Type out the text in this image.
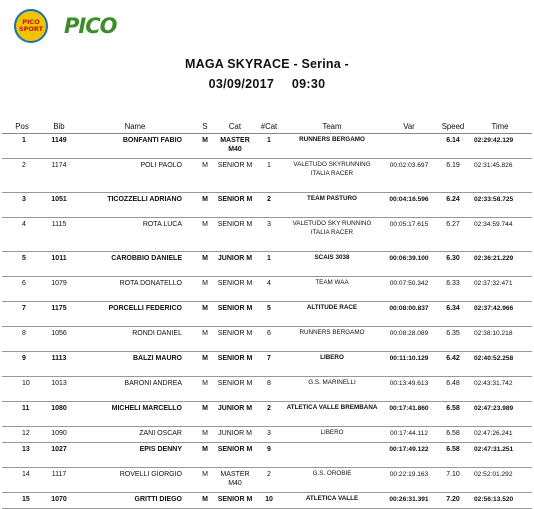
PICO
SPORT PICO
MAGA SKYRACE - Serina -
03/09/2017 09:30
Pos	Bib	Name	S	Cat	#Cat	Team	Var	Speed	Time
1	1149	BONFANTI FABIO	M	MASTER M40	1	RUNNERS BERGAMO		6.14	02:29:42.129
2	1174	POLI PAOLO	M	SENIOR M	1	VALETUDO SKYRUNNING ITALIA RACER	00:02:03.697	6.19	02:31:45.826
3	1051	TICOZZELLI ADRIANO	M	SENIOR M	2	TEAM PASTURO	00:04:16.596	6.24	02:33:58.725
4	1115	ROTA LUCA	M	SENIOR M	3	VALETUDO SKY RUNNING ITALIA RACER	00:05:17.615	6.27	02:34:59.744
5	1011	CAROBBIO DANIELE	M	JUNIOR M	1	SCAIS 3038	00:06:39.100	6.30	02:36:21.229
6	1079	ROTA DONATELLO	M	SENIOR M	4	TEAM WAA	00:07:50.342	6.33	02:37:32.471
7	1175	PORCELLI FEDERICO	M	SENIOR M	5	ALTITUDE RACE	00:08:00.837	6.34	02:37:42.966
8	1056	RONDI DANIEL	M	SENIOR M	6	RUNNERS BERGAMO	00:08:28.089	6.35	02:38:10.218
9	1113	BALZI MAURO	M	SENIOR M	7	LIBERO	00:11:10.129	6.42	02:40:52.258
10	1013	BARONI ANDREA	M	SENIOR M	8	G.S. MARINELLI	00:13:49.613	6.48	02:43:31.742
11	1080	MICHELI MARCELLO	M	JUNIOR M	2	ATLETICA VALLE BREMBANA	00:17:41.860	6.58	02:47:23.989
12	1090	ZANI OSCAR	M	JUNIOR M	3	LIBERO	00:17:44.112	6.58	02:47:26.241
13	1027	EPIS DENNY	M	SENIOR M	9		00:17:49.122	6.58	02:47:31.251
14	1117	ROVELLI GIORGIO	M	MASTER M40	2	G.S. OROBIE	00:22:19.163	7.10	02:52:01.292
15	1070	GRITTI DIEGO	M	SENIOR M	10	ATLETICA VALLE	00:26:31.391	7.20	02:56:13.520
